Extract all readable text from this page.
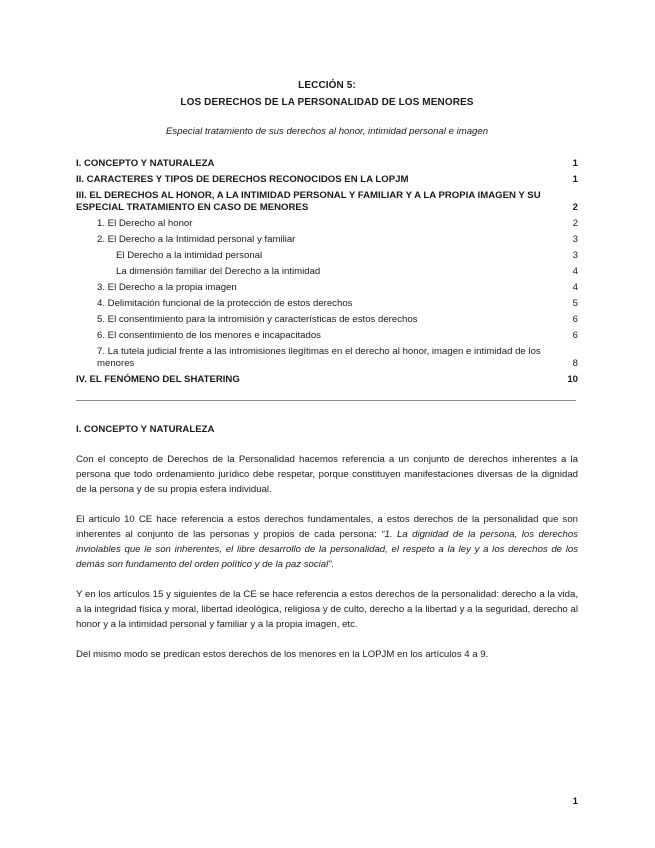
LECCIÓN 5:
LOS DERECHOS DE LA PERSONALIDAD DE LOS MENORES
Especial tratamiento de sus derechos al honor, intimidad personal e imagen
I. CONCEPTO Y NATURALEZA	1
II. CARACTERES Y TIPOS DE DERECHOS RECONOCIDOS EN LA LOPJM	1
III. EL DERECHOS AL HONOR, A LA INTIMIDAD PERSONAL Y FAMILIAR Y A LA PROPIA IMAGEN Y SU ESPECIAL TRATAMIENTO EN CASO DE MENORES	2
1. El Derecho al honor	2
2. El Derecho a la Intimidad personal y familiar	3
El Derecho a la intimidad personal	3
La dimensión familiar del Derecho a la intimidad	4
3. El Derecho a la propia imagen	4
4. Delimitación funcional de la protección de estos derechos	5
5. El consentimiento para la intromisión y características de estos derechos	6
6. El consentimiento de los menores e incapacitados	6
7. La tutela judicial frente a las intromisiones ilegítimas en el derecho al honor, imagen e intimidad de los menores	8
IV. EL FENÓMENO DEL SHATERING	10

I. CONCEPTO Y NATURALEZA

Con el concepto de Derechos de la Personalidad hacemos referencia a un conjunto de derechos inherentes a la persona que todo ordenamiento jurídico debe respetar, porque constituyen manifestaciones diversas de la dignidad de la persona y de su propia esfera individual.

El artículo 10 CE hace referencia a estos derechos fundamentales, a estos derechos de la personalidad que son inherentes al conjunto de las personas y propios de cada persona: “1. La dignidad de la persona, los derechos inviolables que le son inherentes, el libre desarrollo de la personalidad, el respeto a la ley y a los derechos de los demás son fundamento del orden político y de la paz social”.

Y en los artículos 15 y siguientes de la CE se hace referencia a estos derechos de la personalidad: derecho a la vida, a la integridad física y moral, libertad ideológica, religiosa y de culto, derecho a la libertad y a la seguridad, derecho al honor y a la intimidad personal y familiar y a la propia imagen, etc.

Del mismo modo se predican estos derechos de los menores en la LOPJM en los artículos 4 a 9.

1
